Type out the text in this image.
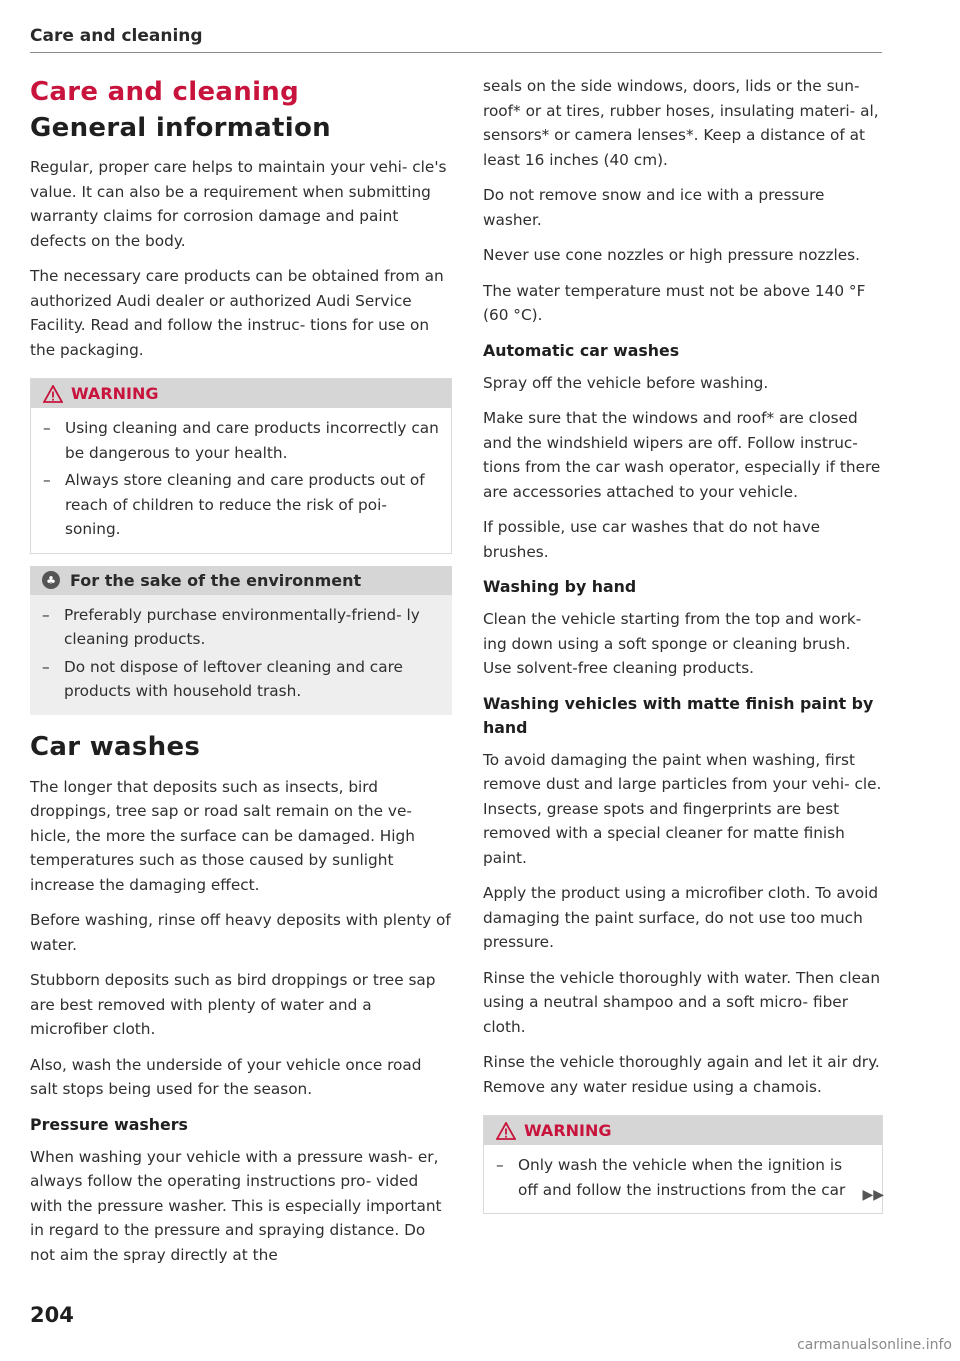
Care and cleaning
Care and cleaning
General information

Regular, proper care helps to maintain your vehi- cle's value. It can also be a requirement when submitting warranty claims for corrosion damage and paint defects on the body.

The necessary care products can be obtained from an authorized Audi dealer or authorized Audi Service Facility. Read and follow the instruc- tions for use on the packaging.

WARNING
– Using cleaning and care products incorrectly can be dangerous to your health.
– Always store cleaning and care products out of reach of children to reduce the risk of poi- soning.
♣ For the sake of the environment
– Preferably purchase environmentally-friend- ly cleaning products.
– Do not dispose of leftover cleaning and care products with household trash.
Car washes

The longer that deposits such as insects, bird droppings, tree sap or road salt remain on the ve- hicle, the more the surface can be damaged. High temperatures such as those caused by sunlight increase the damaging effect.

Before washing, rinse off heavy deposits with plenty of water.

Stubborn deposits such as bird droppings or tree sap are best removed with plenty of water and a microfiber cloth.

Also, wash the underside of your vehicle once road salt stops being used for the season.

Pressure washers

When washing your vehicle with a pressure wash- er, always follow the operating instructions pro- vided with the pressure washer. This is especially important in regard to the pressure and spraying distance. Do not aim the spray directly at the

seals on the side windows, doors, lids or the sun- roof* or at tires, rubber hoses, insulating materi- al, sensors* or camera lenses*. Keep a distance of at least 16 inches (40 cm).

Do not remove snow and ice with a pressure washer.

Never use cone nozzles or high pressure nozzles.

The water temperature must not be above 140 °F (60 °C).

Automatic car washes

Spray off the vehicle before washing.

Make sure that the windows and roof* are closed and the windshield wipers are off. Follow instruc- tions from the car wash operator, especially if there are accessories attached to your vehicle.

If possible, use car washes that do not have brushes.

Washing by hand

Clean the vehicle starting from the top and work- ing down using a soft sponge or cleaning brush. Use solvent-free cleaning products.

Washing vehicles with matte finish paint by hand

To avoid damaging the paint when washing, first remove dust and large particles from your vehi- cle. Insects, grease spots and fingerprints are best removed with a special cleaner for matte finish paint.

Apply the product using a microfiber cloth. To avoid damaging the paint surface, do not use too much pressure.

Rinse the vehicle thoroughly with water. Then clean using a neutral shampoo and a soft micro- fiber cloth.

Rinse the vehicle thoroughly again and let it air dry. Remove any water residue using a chamois.

WARNING
– Only wash the vehicle when the ignition is off and follow the instructions from the car ▶▶
204
carmanualsonline.info
